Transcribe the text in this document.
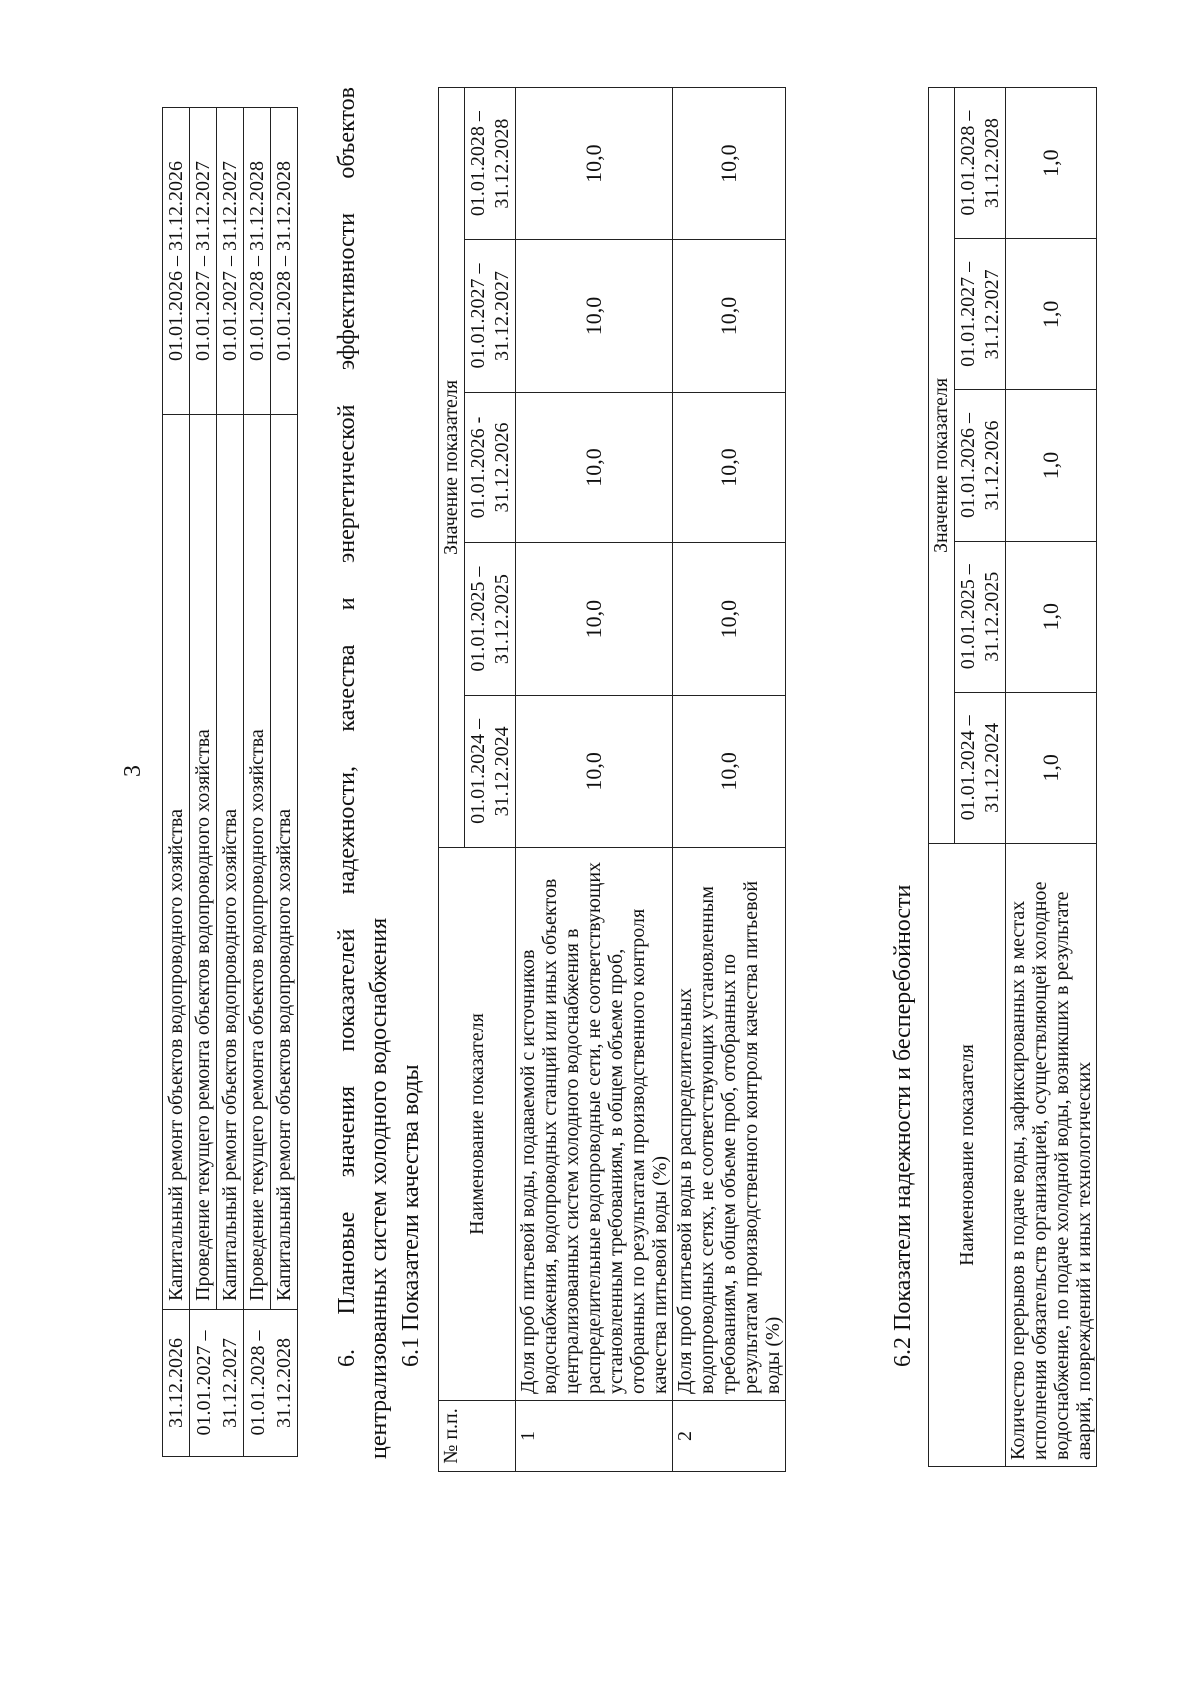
3
31.12.2026	Капитальный ремонт объектов водопроводного хозяйства	01.01.2026 – 31.12.2026
01.01.2027 – 31.12.2027	Проведение текущего ремонта объектов водопроводного хозяйства	01.01.2027 – 31.12.2027
	Капитальный ремонт объектов водопроводного хозяйства	01.01.2027 – 31.12.2027
01.01.2028 – 31.12.2028	Проведение текущего ремонта объектов водопроводного хозяйства	01.01.2028 – 31.12.2028
	Капитальный ремонт объектов водопроводного хозяйства	01.01.2028 – 31.12.2028
6.
Плановые
значения
показателей
надежности,
качества
и
энергетической
эффективности
объектов
централизованных систем холодного водоснабжения 6.1 Показатели качества воды
№ п.п.	Наименование показателя	Значение показателя				
		01.01.2024 – 31.12.2024	01.01.2025 – 31.12.2025	01.01.2026 - 31.12.2026	01.01.2027 – 31.12.2027	01.01.2028 – 31.12.2028
1	Доля проб питьевой воды, подаваемой с источников водоснабжения, водопроводных станций или иных объектов централизованных систем холодного водоснабжения в распределительные водопроводные сети, не соответствующих установленным требованиям, в общем объеме проб, отобранных по результатам производственного контроля качества питьевой воды (%)	10,0	10,0	10,0	10,0	10,0
2	Доля проб питьевой воды в распределительных водопроводных сетях, не соответствующих установленным требованиям, в общем объеме проб, отобранных по результатам производственного контроля качества питьевой воды (%)	10,0	10,0	10,0	10,0	10,0
6.2 Показатели надежности и бесперебойности Наименование показателя	Значение показателя				
	01.01.2024 – 31.12.2024	01.01.2025 – 31.12.2025	01.01.2026 – 31.12.2026	01.01.2027 – 31.12.2027	01.01.2028 – 31.12.2028
Количество перерывов в подаче воды, зафиксированных в местах исполнения обязательств организацией, осуществляющей холодное водоснабжение, по подаче холодной воды, возникших в результате аварий, повреждений и иных технологических	1,0	1,0	1,0	1,0	1,0
